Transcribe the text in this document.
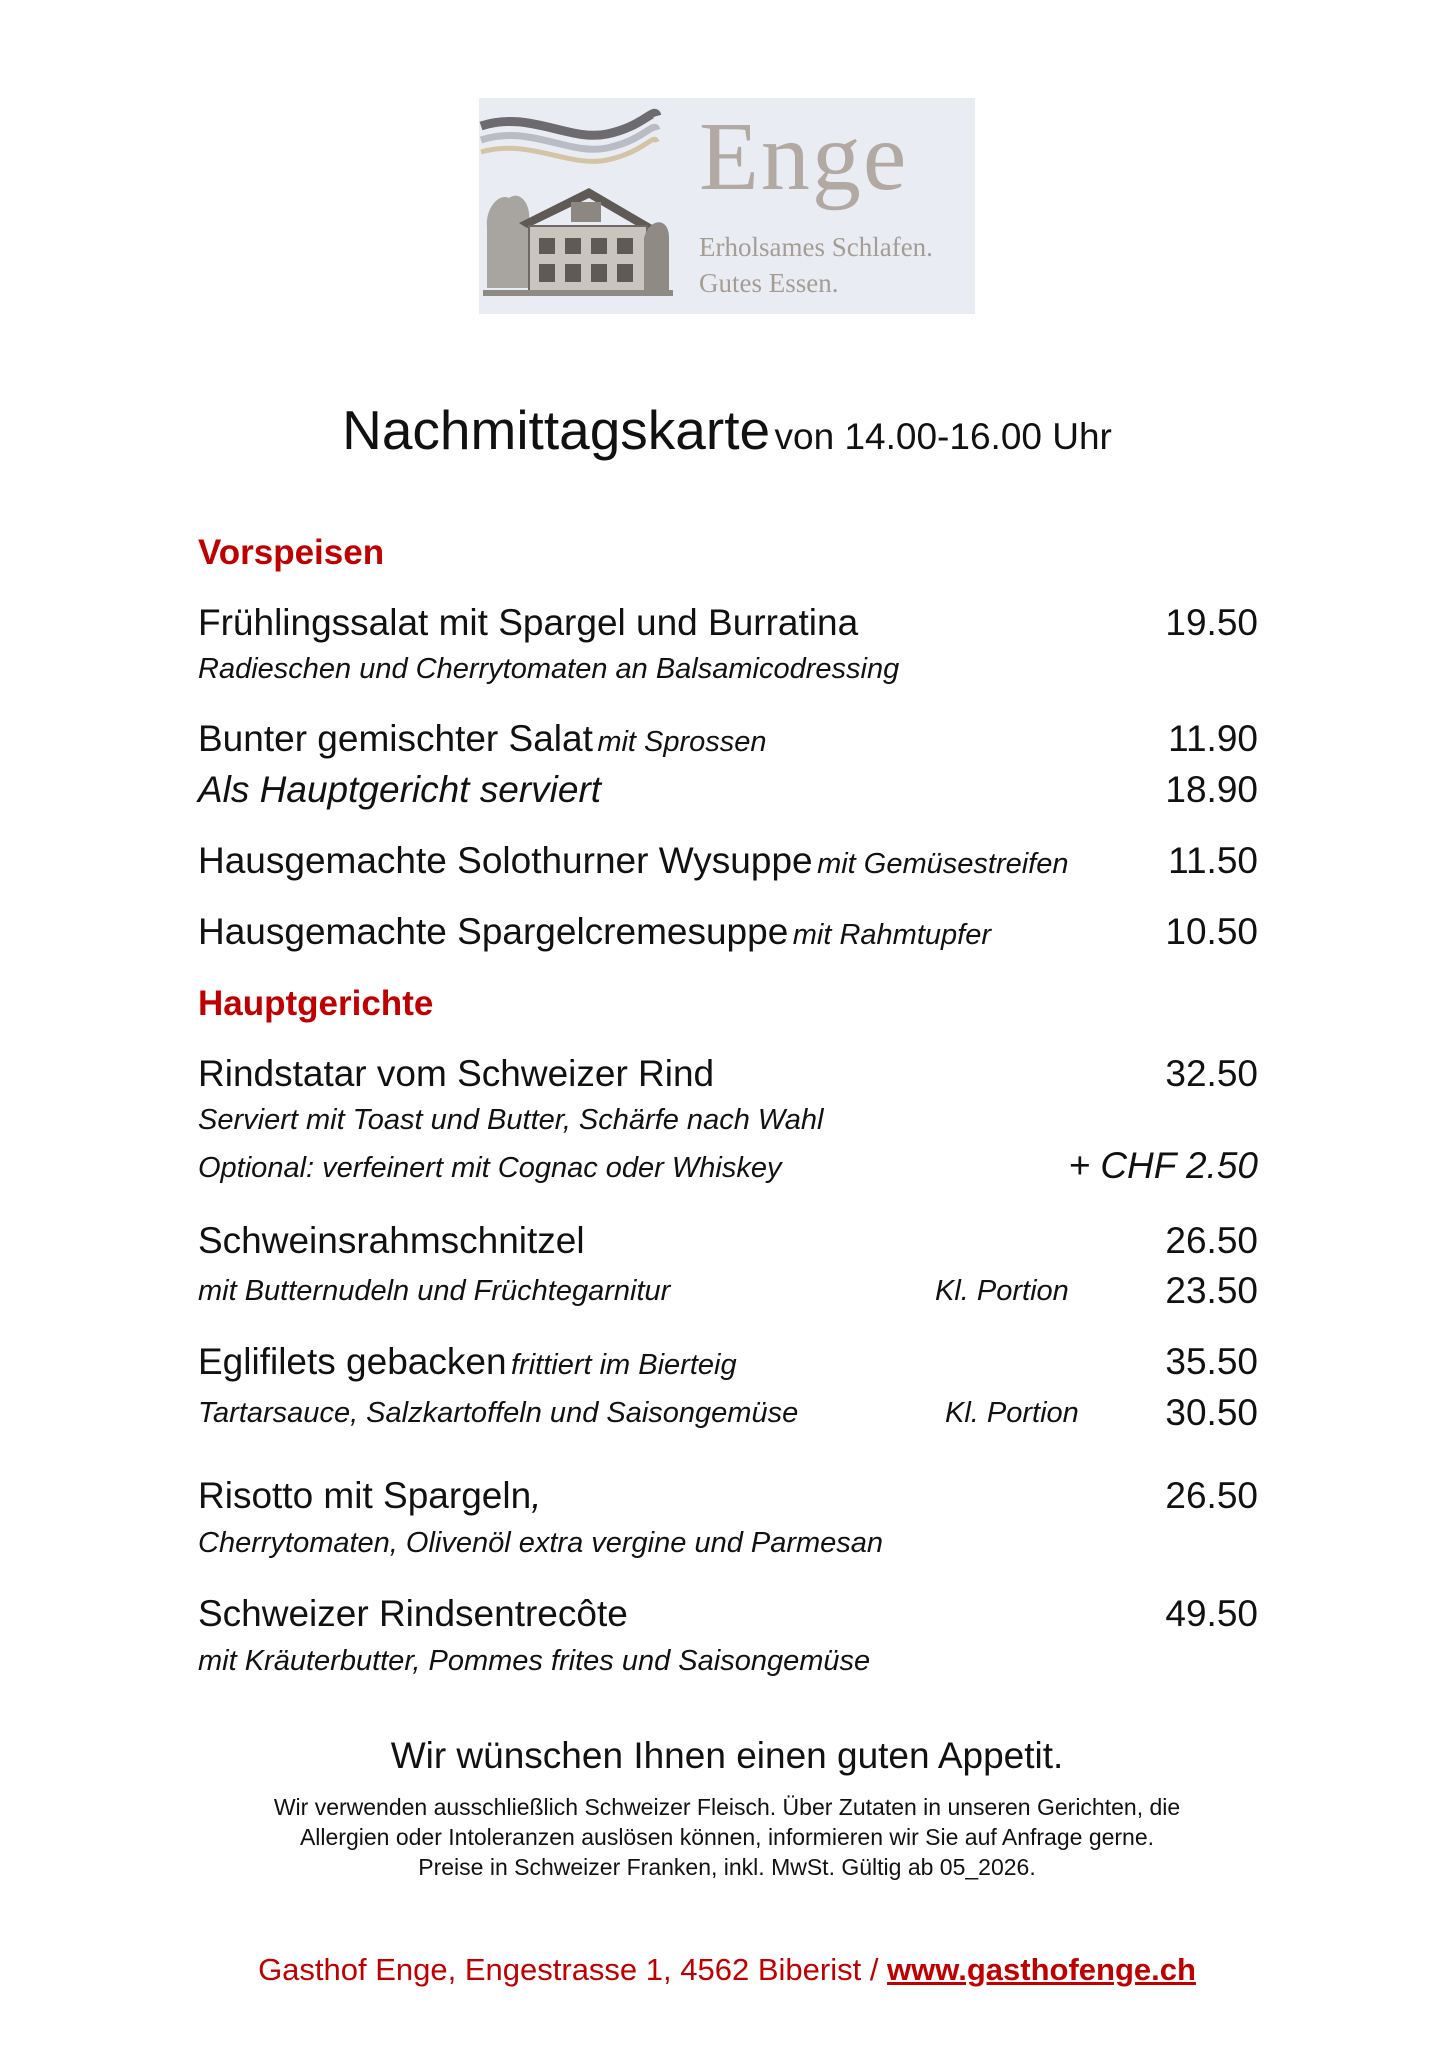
Enge
Erholsames Schlafen.
Gutes Essen.
Nachmittagskarte von 14.00-16.00 Uhr
Vorspeisen
Frühlingssalat mit Spargel und Burratina	19.50
Radieschen und Cherrytomaten an Balsamicodressing
Bunter gemischter Salat mit Sprossen	11.90
Als Hauptgericht serviert	18.90
Hausgemachte Solothurner Wysuppe mit Gemüsestreifen	11.50
Hausgemachte Spargelcremesuppe mit Rahmtupfer	10.50
Hauptgerichte
Rindstatar vom Schweizer Rind	32.50
Serviert mit Toast und Butter, Schärfe nach Wahl
Optional: verfeinert mit Cognac oder Whiskey	+ CHF 2.50
Schweinsrahmschnitzel	26.50
mit Butternudeln und Früchtegarnitur	Kl. Portion	23.50
Eglifilets gebacken frittiert im Bierteig	35.50
Tartarsauce, Salzkartoffeln und Saisongemüse	Kl. Portion 30.50
Risotto mit Spargeln,	26.50
Cherrytomaten, Olivenöl extra vergine und Parmesan
Schweizer Rindsentrecôte	49.50
mit Kräuterbutter, Pommes frites und Saisongemüse
Wir wünschen Ihnen einen guten Appetit.
Wir verwenden ausschließlich Schweizer Fleisch. Über Zutaten in unseren Gerichten, die
Allergien oder Intoleranzen auslösen können, informieren wir Sie auf Anfrage gerne.
Preise in Schweizer Franken, inkl. MwSt. Gültig ab 05_2026.
Gasthof Enge, Engestrasse 1, 4562 Biberist / www.gasthofenge.ch
